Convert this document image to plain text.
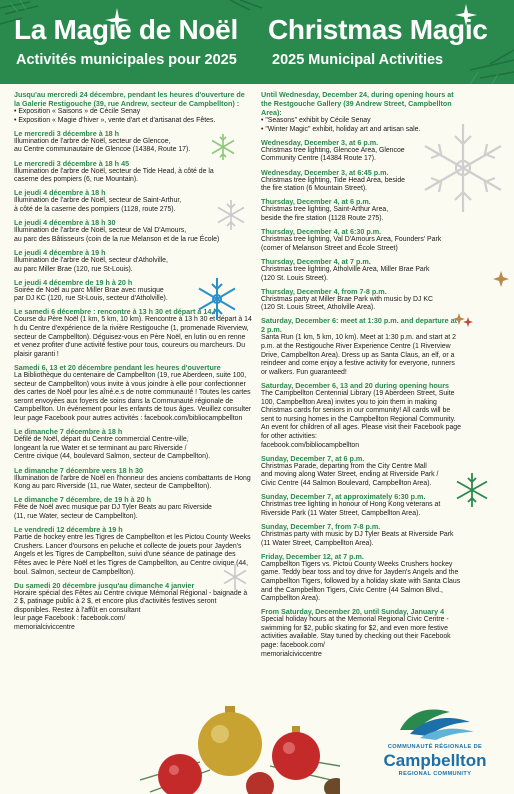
La Magie de Noël Christmas Magic
Activités municipales pour 2025 2025 Municipal Activities
Jusqu'au mercredi 24 décembre, pendant les heures d'ouverture de la Galerie Restigouche (39, rue Andrew, secteur de Campbellton) :
• Exposition « Saisons » de Cécile Senay
• Exposition « Magie d'hiver », vente d'art et d'artisanat des Fêtes.
Le mercredi 3 décembre à 18 h
Illumination de l'arbre de Noël, secteur de Glencoe,
au Centre communautaire de Glencoe (14384, Route 17).
Le mercredi 3 décembre à 18 h 45
Illumination de l'arbre de Noël, secteur de Tide Head, à côté de la
caserne des pompiers (6, rue Mountain).
Le jeudi 4 décembre à 18 h
Illumination de l'arbre de Noël, secteur de Saint-Arthur,
à côté de la caserne des pompiers (1128, route 275).
Le jeudi 4 décembre à 18 h 30
Illumination de l'arbre de Noël, secteur de Val D'Amours,
au parc des Bâtisseurs (coin de la rue Melanson et de la rue École)
Le jeudi 4 décembre à 19 h
Illumination de l'arbre de Noël, secteur d'Atholville,
au parc Miller Brae (120, rue St-Louis).
Le jeudi 4 décembre de 19 h à 20 h
Soirée de Noël au parc Miller Brae avec musique
par DJ KC (120, rue St-Louis, secteur d'Atholville).
Le samedi 6 décembre : rencontre à 13 h 30 et départ à 14 h
Course du Père Noël (1 km, 5 km, 10 km). Rencontre à 13 h 30 et départ à 14 h du Centre d'expérience de la rivière Restigouche (1, promenade Riverview, secteur de Campbellton). Déguisez-vous en Père Noël, en lutin ou en renne et venez profiter d'une activité festive pour tous, coureurs ou marcheurs. Du plaisir garanti !
Samedi 6, 13 et 20 décembre pendant les heures d'ouverture
La Bibliothèque du centenaire de Campbellton (19, rue Aberdeen, suite 100, secteur de Campbellton) vous invite à vous joindre à elle pour confectionner des cartes de Noël pour les aîné.e.s de notre communauté ! Toutes les cartes seront envoyées aux foyers de soins dans la Communauté régionale de Campbellton. Un événement pour les enfants de tous âges. Veuillez consulter leur page Facebook pour autres activités : facebook.com/bibliocampbellton
Le dimanche 7 décembre à 18 h
Défilé de Noël, départ du Centre commercial Centre-ville,
longeant la rue Water et se terminant au parc Riverside /
Centre civique (44, boulevard Salmon, secteur de Campbellton).
Le dimanche 7 décembre vers 18 h 30
Illumination de l'arbre de Noël en l'honneur des anciens combattants de Hong Kong au parc Riverside (11, rue Water, secteur de Campbellton).
Le dimanche 7 décembre, de 19 h à 20 h
Fête de Noël avec musique par DJ Tyler Beats au parc Riverside
(11, rue Water, secteur de Campbellton).
Le vendredi 12 décembre à 19 h
Partie de hockey entre les Tigres de Campbellton et les Pictou County Weeks Crushers. Lancer d'oursons en peluche et collecte de jouets pour Jayden's Angels et les Tigres de Campbellton, suivi d'une séance de patinage des Fêtes avec le Père Noël et les Tigres de Campbellton, au Centre civique (44, boul. Salmon, secteur de Campbellton).
Du samedi 20 décembre jusqu'au dimanche 4 janvier
Horaire spécial des Fêtes au Centre civique Mémorial Régional - baignade à 2 $, patinage public à 2 $, et encore plus d'activités festives seront disponibles. Restez à l'affût en consultant
leur page Facebook : facebook.com/
memorialciviccentre
Until Wednesday, December 24, during opening hours at the Restgouche Gallery (39 Andrew Street, Campbellton Area):
• "Seasons" exhibit by Cécile Senay
• "Winter Magic" exhibit, holiday art and artisan sale.
Wednesday, December 3, at 6 p.m.
Christmas tree lighting, Glencoe Area, Glencoe
Community Centre (14384 Route 17).
Wednesday, December 3, at 6:45 p.m.
Christmas tree lighting, Tide Head Area, beside
the fire station (6 Mountain Street).
Thursday, December 4, at 6 p.m.
Christmas tree lighting, Saint-Arthur Area,
beside the fire station (1128 Route 275).
Thursday, December 4, at 6:30 p.m.
Christmas tree lighting, Val D'Amours Area, Founders' Park
(corner of Melanson Street and École Street)
Thursday, December 4, at 7 p.m.
Christmas tree lighting, Atholville Area, Miller Brae Park
(120 St. Louis Street).
Thursday, December 4, from 7-8 p.m.
Christmas party at Miller Brae Park with music by DJ KC
(120 St. Louis Street, Atholville Area).
Saturday, December 6: meet at 1:30 p.m. and departure at 2 p.m.
Santa Run (1 km, 5 km, 10 km). Meet at 1:30 p.m. and start at 2 p.m. at the Restigouche River Experience Centre (1 Riverview Drive, Campbellton Area). Dress up as Santa Claus, an elf, or a reindeer and come enjoy a festive activity for everyone, runners or walkers. Fun guaranteed!
Saturday, December 6, 13 and 20 during opening hours
The Campbellton Centennial Library (19 Aberdeen Street, Suite 100, Campbellton Area) invites you to join them in making Christmas cards for seniors in our community! All cards will be sent to nursing homes in the Campbellton Regional Community. An event for children of all ages. Please visit their Facebook page for other activities:
facebook.com/bibliocampbellton
Sunday, December 7, at 6 p.m.
Christmas Parade, departing from the City Centre Mall
and moving along Water Street, ending at Riverside Park /
Civic Centre (44 Salmon Boulevard, Campbellton Area).
Sunday, December 7, at approximately 6:30 p.m.
Christmas tree lighting in honour of Hong Kong veterans at Riverside Park (11 Water Street, Campbellton Area).
Sunday, December 7, from 7-8 p.m.
Christmas party with music by DJ Tyler Beats at Riverside Park
(11 Water Street, Campbellton Area).
Friday, December 12, at 7 p.m.
Campbellton Tigers vs. Pictou County Weeks Crushers hockey game. Teddy bear toss and toy drive for Jayden's Angels and the Campbellton Tigers, followed by a holiday skate with Santa Claus and the Campbellton Tigers, Civic Centre (44 Salmon Blvd., Campbellton Area).
From Saturday, December 20, until Sunday, January 4
Special holiday hours at the Memorial Regional Civic Centre - swimming for $2, public skating for $2, and even more festive activities available. Stay tuned by checking out their Facebook page: facebook.com/
memorialciviccentre
COMMUNAUTÉ RÉGIONALE DE
Campbellton
REGIONAL COMMUNITY
